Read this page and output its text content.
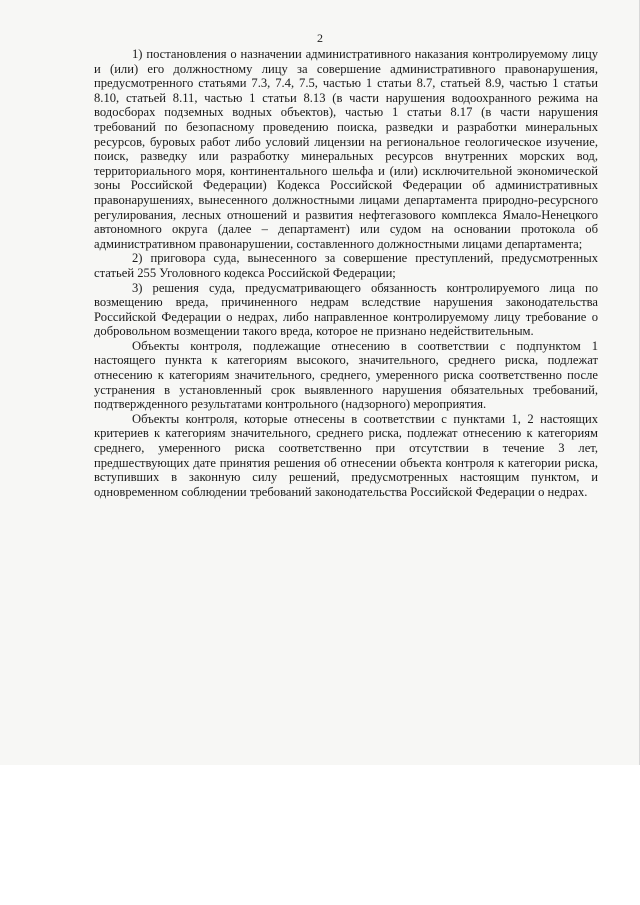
2

1) постановления о назначении административного наказания контролируемому лицу и (или) его должностному лицу за совершение административного правонарушения, предусмотренного статьями 7.3, 7.4, 7.5, частью 1 статьи 8.7, статьей 8.9, частью 1 статьи 8.10, статьей 8.11, частью 1 статьи 8.13 (в части нарушения водоохранного режима на водосборах подземных водных объектов), частью 1 статьи 8.17 (в части нарушения требований по безопасному проведению поиска, разведки и разработки минеральных ресурсов, буровых работ либо условий лицензии на региональное геологическое изучение, поиск, разведку или разработку минеральных ресурсов внутренних морских вод, территориального моря, континентального шельфа и (или) исключительной экономической зоны Российской Федерации) Кодекса Российской Федерации об административных правонарушениях, вынесенного должностными лицами департамента природно-ресурсного регулирования, лесных отношений и развития нефтегазового комплекса Ямало-Ненецкого автономного округа (далее – департамент) или судом на основании протокола об административном правонарушении, составленного должностными лицами департамента;

2) приговора суда, вынесенного за совершение преступлений, предусмотренных статьей 255 Уголовного кодекса Российской Федерации;

3) решения суда, предусматривающего обязанность контролируемого лица по возмещению вреда, причиненного недрам вследствие нарушения законодательства Российской Федерации о недрах, либо направленное контролируемому лицу требование о добровольном возмещении такого вреда, которое не признано недействительным.

Объекты контроля, подлежащие отнесению в соответствии с подпунктом 1 настоящего пункта к категориям высокого, значительного, среднего риска, подлежат отнесению к категориям значительного, среднего, умеренного риска соответственно после устранения в установленный срок выявленного нарушения обязательных требований, подтвержденного результатами контрольного (надзорного) мероприятия.

Объекты контроля, которые отнесены в соответствии с пунктами 1, 2 настоящих критериев к категориям значительного, среднего риска, подлежат отнесению к категориям среднего, умеренного риска соответственно при отсутствии в течение 3 лет, предшествующих дате принятия решения об отнесении объекта контроля к категории риска, вступивших в законную силу решений, предусмотренных настоящим пунктом, и одновременном соблюдении требований законодательства Российской Федерации о недрах.
